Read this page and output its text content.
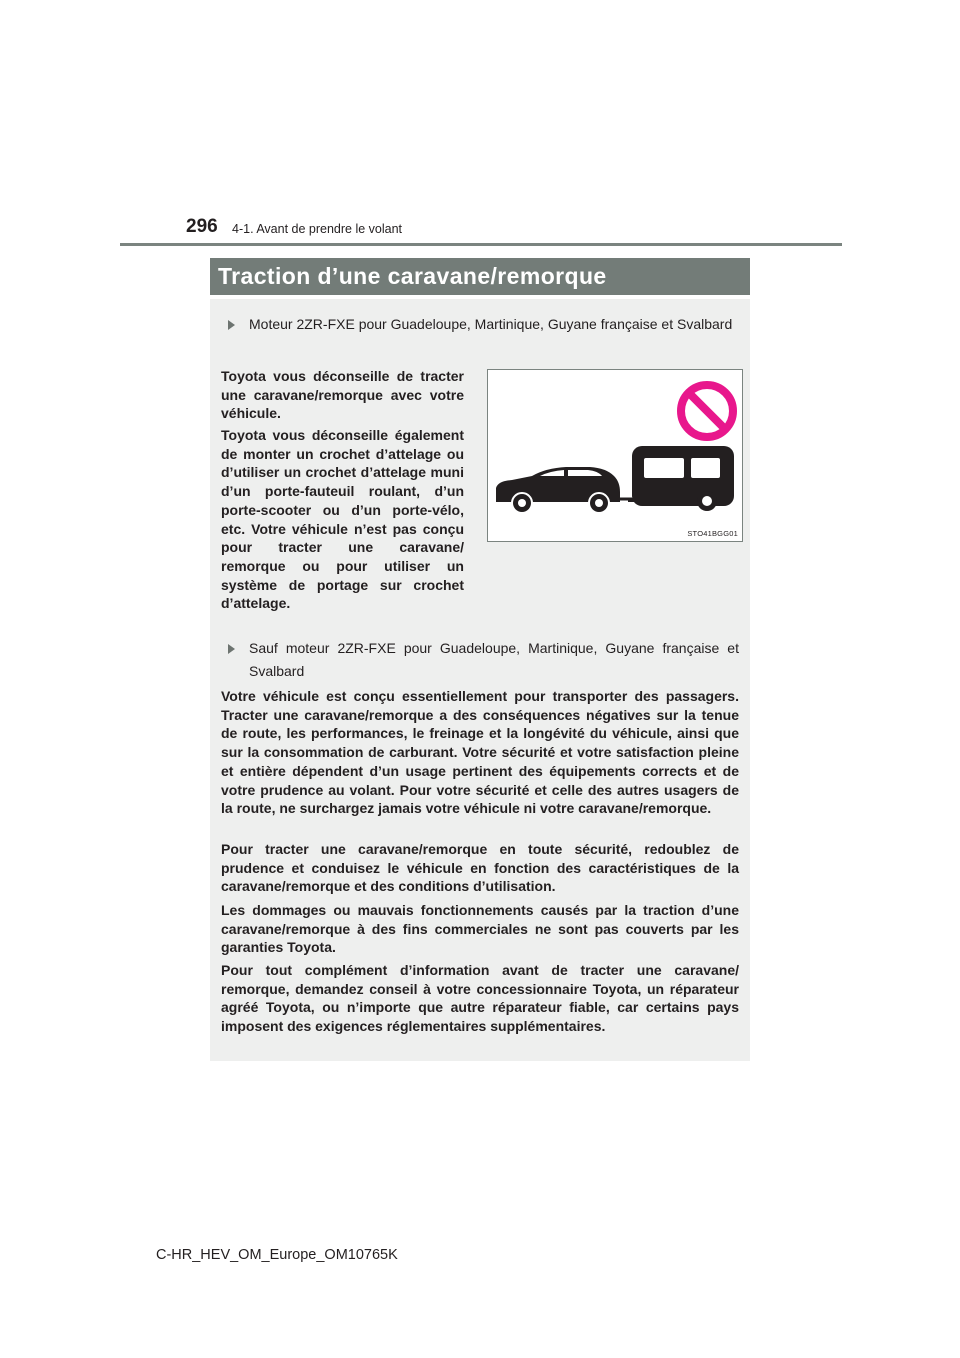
296 4-1. Avant de prendre le volant
Traction d’une caravane/remorque
Moteur 2ZR-FXE pour Guadeloupe, Martinique, Guyane française et Svalbard
Toyota vous déconseille de tracter une caravane/remorque avec votre véhicule.
Toyota vous déconseille également de monter un crochet d’attelage ou d’utiliser un crochet d’attelage muni d’un porte-fauteuil roulant, d’un porte-scooter ou d’un porte-vélo, etc. Votre véhicule n’est pas conçu pour tracter une caravane/ remorque ou pour utiliser un système de portage sur crochet d’attelage.
STO41BGG01
Sauf moteur 2ZR-FXE pour Guadeloupe, Martinique, Guyane française et Svalbard
Votre véhicule est conçu essentiellement pour transporter des passagers. Tracter une caravane/remorque a des conséquences négatives sur la tenue de route, les performances, le freinage et la longévité du véhicule, ainsi que sur la consommation de carburant. Votre sécurité et votre satisfaction pleine et entière dépendent d’un usage pertinent des équipements corrects et de votre prudence au volant. Pour votre sécurité et celle des autres usagers de la route, ne surchargez jamais votre véhicule ni votre caravane/remorque.
Pour tracter une caravane/remorque en toute sécurité, redoublez de prudence et conduisez le véhicule en fonction des caractéristiques de la caravane/remorque et des conditions d’utilisation.
Les dommages ou mauvais fonctionnements causés par la traction d’une caravane/remorque à des fins commerciales ne sont pas couverts par les garanties Toyota.
Pour tout complément d’information avant de tracter une caravane/ remorque, demandez conseil à votre concessionnaire Toyota, un réparateur agréé Toyota, ou n’importe que autre réparateur fiable, car certains pays imposent des exigences réglementaires supplémentaires.
C-HR_HEV_OM_Europe_OM10765K
